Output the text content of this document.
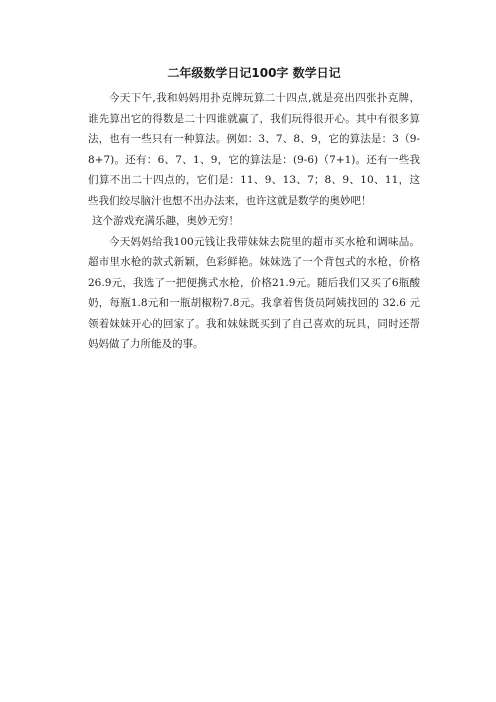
二年级数学日记100字 数学日记

今天下午,我和妈妈用扑克牌玩算二十四点,就是亮出四张扑克牌，谁先算出它的得数是二十四谁就赢了，我们玩得很开心。其中有很多算法，也有一些只有一种算法。例如：3、7、8、9，它的算法是：3（9-8+7)。还有：6、7、1、9，它的算法是：(9-6)（7+1)。还有一些我们算不出二十四点的，它们是：11、9、13、7；8、9、10、11，这些我们绞尽脑汁也想不出办法来，也许这就是数学的奥妙吧！

这个游戏充满乐趣，奥妙无穷！

今天妈妈给我100元钱让我带妹妹去院里的超市买水枪和调味品。超市里水枪的款式新颖，色彩鲜艳。妹妹选了一个背包式的水枪，价格26.9元，我选了一把便携式水枪，价格21.9元。随后我们又买了6瓶酸奶，每瓶1.8元和一瓶胡椒粉7.8元。我拿着售货员阿姨找回的 32.6 元领着妹妹开心的回家了。我和妹妹既买到了自己喜欢的玩具，同时还帮妈妈做了力所能及的事。
